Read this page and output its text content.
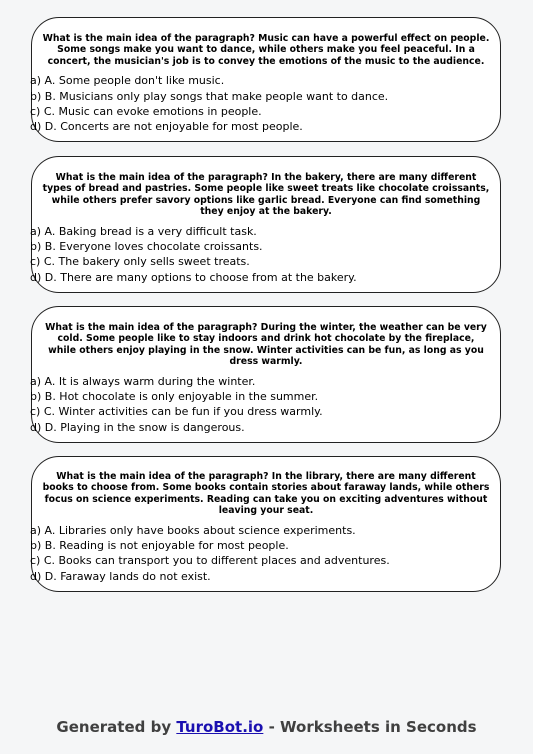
What is the main idea of the paragraph? Music can have a powerful effect on people. Some songs make you want to dance, while others make you feel peaceful. In a concert, the musician's job is to convey the emotions of the music to the audience.

a) A. Some people don't like music.
b) B. Musicians only play songs that make people want to dance.
c) C. Music can evoke emotions in people.
d) D. Concerts are not enjoyable for most people.

What is the main idea of the paragraph? In the bakery, there are many different types of bread and pastries. Some people like sweet treats like chocolate croissants, while others prefer savory options like garlic bread. Everyone can find something they enjoy at the bakery.

a) A. Baking bread is a very difficult task.
b) B. Everyone loves chocolate croissants.
c) C. The bakery only sells sweet treats.
d) D. There are many options to choose from at the bakery.

What is the main idea of the paragraph? During the winter, the weather can be very cold. Some people like to stay indoors and drink hot chocolate by the fireplace, while others enjoy playing in the snow. Winter activities can be fun, as long as you dress warmly.

a) A. It is always warm during the winter.
b) B. Hot chocolate is only enjoyable in the summer.
c) C. Winter activities can be fun if you dress warmly.
d) D. Playing in the snow is dangerous.

What is the main idea of the paragraph? In the library, there are many different books to choose from. Some books contain stories about faraway lands, while others focus on science experiments. Reading can take you on exciting adventures without leaving your seat.

a) A. Libraries only have books about science experiments.
b) B. Reading is not enjoyable for most people.
c) C. Books can transport you to different places and adventures.
d) D. Faraway lands do not exist.
Generated by TuroBot.io - Worksheets in Seconds
